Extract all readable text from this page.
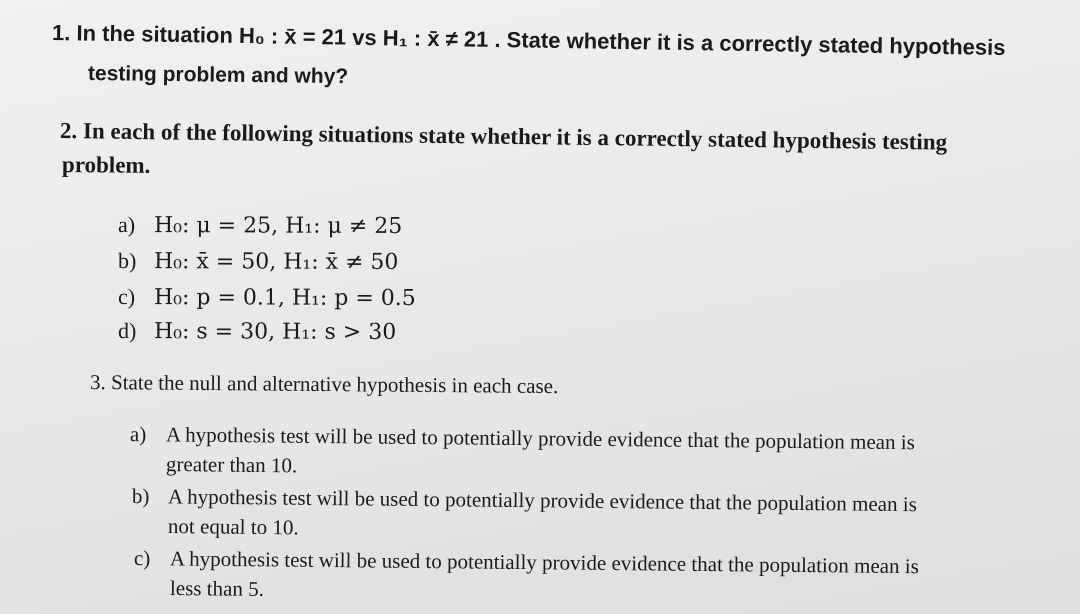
1. In the situation H₀ : x̄ = 21 vs H₁ : x̄ ≠ 21 . State whether it is a correctly stated hypothesis
testing problem and why?
2. In each of the following situations state whether it is a correctly stated hypothesis testing
problem.
a) H₀: μ = 25, H₁: μ ≠ 25
b) H₀: x̄ = 50, H₁: x̄ ≠ 50
c) H₀: p = 0.1, H₁: p = 0.5
d) H₀: s = 30, H₁: s > 30
3. State the null and alternative hypothesis in each case.
a) A hypothesis test will be used to potentially provide evidence that the population mean is
greater than 10.
b) A hypothesis test will be used to potentially provide evidence that the population mean is
not equal to 10.
c) A hypothesis test will be used to potentially provide evidence that the population mean is
less than 5.
